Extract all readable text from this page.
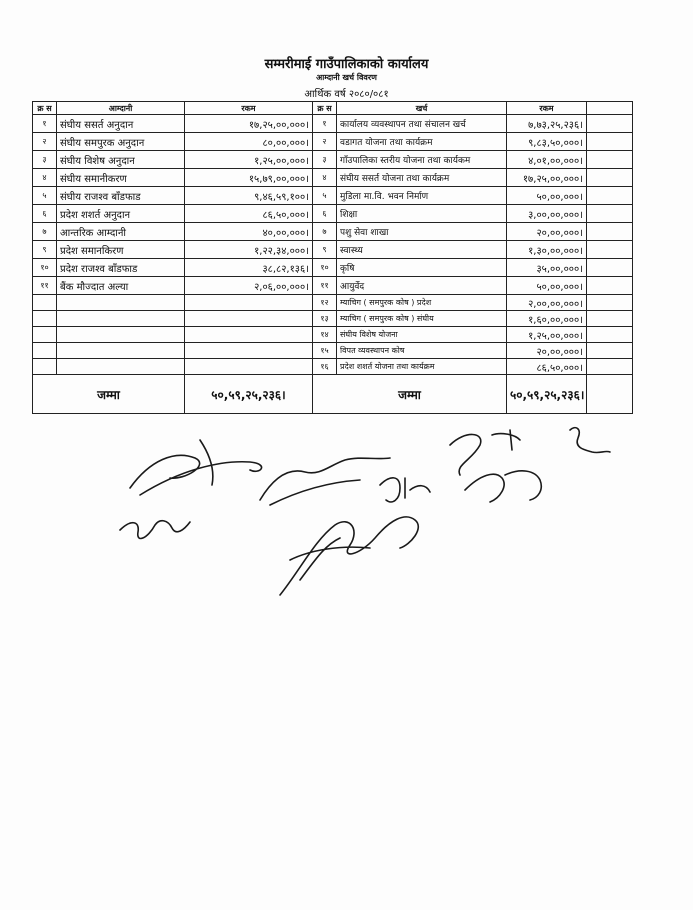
सम्मरीमाई गाउँपालिकाको कार्यालय
आम्दानी खर्च विवरण
आर्थिक वर्ष २०८०/०८१
क्र स	आम्दानी	रकम	क्र स	खर्च	रकम	
१	संघीय ससर्त अनुदान	१७,२५,००,०००।	१	कार्यालय व्यवस्थापन तथा संचालन खर्च	७,७३,२५,२३६।	
२	संघीय समपुरक अनुदान	८०,००,०००।	२	वडागत योजना तथा कार्यक्रम	९,८३,५०,०००।	
३	संघीय विशेष अनुदान	१,२५,००,०००।	३	गाँउपालिका स्तरीय योजना तथा कार्यकम	४,०१,००,०००।	
४	संघीय समानीकरण	१५,७९,००,०००।	४	संघीय ससर्त योजना तथा कार्यक्रम	१७,२५,००,०००।	
५	संघीय राजश्व बाँडफाड	९,४६,५९,१००।	५	मुडिला मा.वि. भवन निर्माण	५०,००,०००।	
६	प्रदेश शशर्त अनुदान	८६,५०,०००।	६	शिक्षा	३,००,००,०००।	
७	आन्तरिक आम्दानी	४०,००,०००।	७	पशु सेवा शाखा	२०,००,०००।	
९	प्रदेश समानकिरण	१,२२,३४,०००।	९	स्वास्थ्य	१,३०,००,०००।	
१०	प्रदेश राजश्व बाँडफाड	३८,८२,१३६।	१०	कृषि	३५,००,०००।	
११	बैंक मौज्दात अल्या	२,०६,००,०००।	११	आयुर्वेद	५०,००,०००।	
			१२	म्याचिग ( समपुरक कोष ) प्रदेश	२,००,००,०००।	
			१३	म्याचिग ( समपुरक कोष ) संघीय	१,६०,००,०००।	
			१४	संघीय विशेष योजना	१,२५,००,०००।	
			१५	विपत व्यवस्थापन कोष	२०,००,०००।	
			१६	प्रदेश शशर्त योजना तथा कार्यक्रम	८६,५०,०००।	
जम्मा		५०,५९,२५,२३६।	जम्मा		५०,५९,२५,२३६।	
